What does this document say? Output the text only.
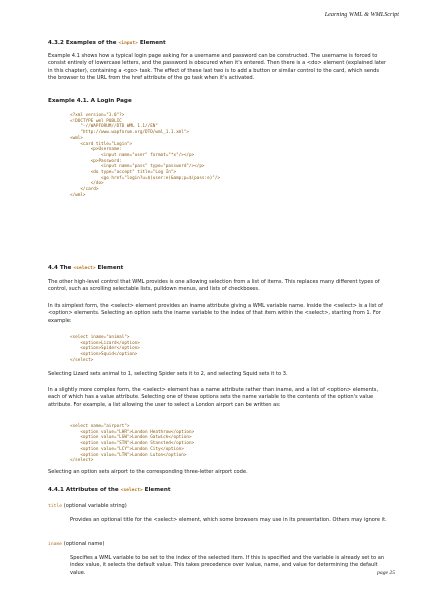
Learning WML & WMLScript

4.3.2 Examples of the <input> Element

Example 4.1 shows how a typical login page asking for a username and password can be constructed. The username is forced to consist entirely of lowercase letters, and the password is obscured when it's entered. Then there is a <do> element (explained later in this chapter), containing a <go> task. The effect of these last two is to add a button or similar control to the card, which sends the browser to the URL from the href attribute of the go task when it's activated.

Example 4.1. A Login Page

<?xml version="1.0"?>
<!DOCTYPE wml PUBLIC
"-//WAPFORUM//DTD WML 1.1//EN"
"http://www.wapforum.org/DTD/wml_1.1.xml">
<wml>
<card title="Login">
<p>Username:
<input name="user" format="*x"/></p>
<p>Password:
<input name="pass" type="password"/></p>
<do type="accept" title="Log In">
<go href="login?u=$(user:e)&amp;p=$(pass:e)"/>
</do>
</card>
</wml>

4.4 The <select> Element

The other high-level control that WML provides is one allowing selection from a list of items. This replaces many different types of control, such as scrolling selectable lists, pulldown menus, and lists of checkboxes.

In its simplest form, the <select> element provides an iname attribute giving a WML variable name. Inside the <select> is a list of <option> elements. Selecting an option sets the iname variable to the index of that item within the <select>, starting from 1. For example:

<select iname="animal">
<option>Lizard</option>
<option>Spider</option>
<option>Squid</option>
</select>

Selecting Lizard sets animal to 1, selecting Spider sets it to 2, and selecting Squid sets it to 3.

In a slightly more complex form, the <select> element has a name attribute rather than iname, and a list of <option> elements, each of which has a value attribute. Selecting one of these options sets the name variable to the contents of the option's value attribute. For example, a list allowing the user to select a London airport can be written as:

<select name="airport">
<option value="LHR">London Heathrow</option>
<option value="LGW">London Gatwick</option>
<option value="STN">London Stansted</option>
<option value="LCY">London City</option>
<option value="LTN">London Luton</option>
</select>

Selecting an option sets airport to the corresponding three-letter airport code.

4.4.1 Attributes of the <select> Element

title (optional variable string)

Provides an optional title for the <select> element, which some browsers may use in its presentation. Others may ignore it.

iname (optional name)

Specifies a WML variable to be set to the index of the selected item. If this is specified and the variable is already set to an index value, it selects the default value. This takes precedence over ivalue, name, and value for determining the default value.	page 25
